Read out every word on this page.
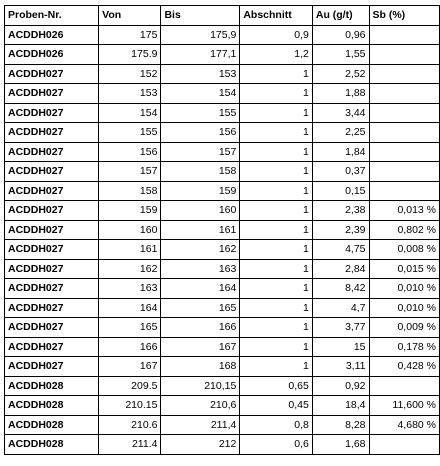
Proben-Nr.	Von	Bis	Abschnitt	Au (g/t)	Sb (%)
ACDDH026	175	175,9	0,9	0,96	
ACDDH026	175.9	177,1	1,2	1,55	
ACDDH027	152	153	1	2,52	
ACDDH027	153	154	1	1,88	
ACDDH027	154	155	1	3,44	
ACDDH027	155	156	1	2,25	
ACDDH027	156	157	1	1,84	
ACDDH027	157	158	1	0,37	
ACDDH027	158	159	1	0,15	
ACDDH027	159	160	1	2,38	0,013 %
ACDDH027	160	161	1	2,39	0,802 %
ACDDH027	161	162	1	4,75	0,008 %
ACDDH027	162	163	1	2,84	0,015 %
ACDDH027	163	164	1	8,42	0,010 %
ACDDH027	164	165	1	4,7	0,010 %
ACDDH027	165	166	1	3,77	0,009 %
ACDDH027	166	167	1	15	0,178 %
ACDDH027	167	168	1	3,11	0,428 %
ACDDH028	209.5	210,15	0,65	0,92	
ACDDH028	210.15	210,6	0,45	18,4	11,600 %
ACDDH028	210.6	211,4	0,8	8,28	4,680 %
ACDDH028	211.4	212	0,6	1,68	
